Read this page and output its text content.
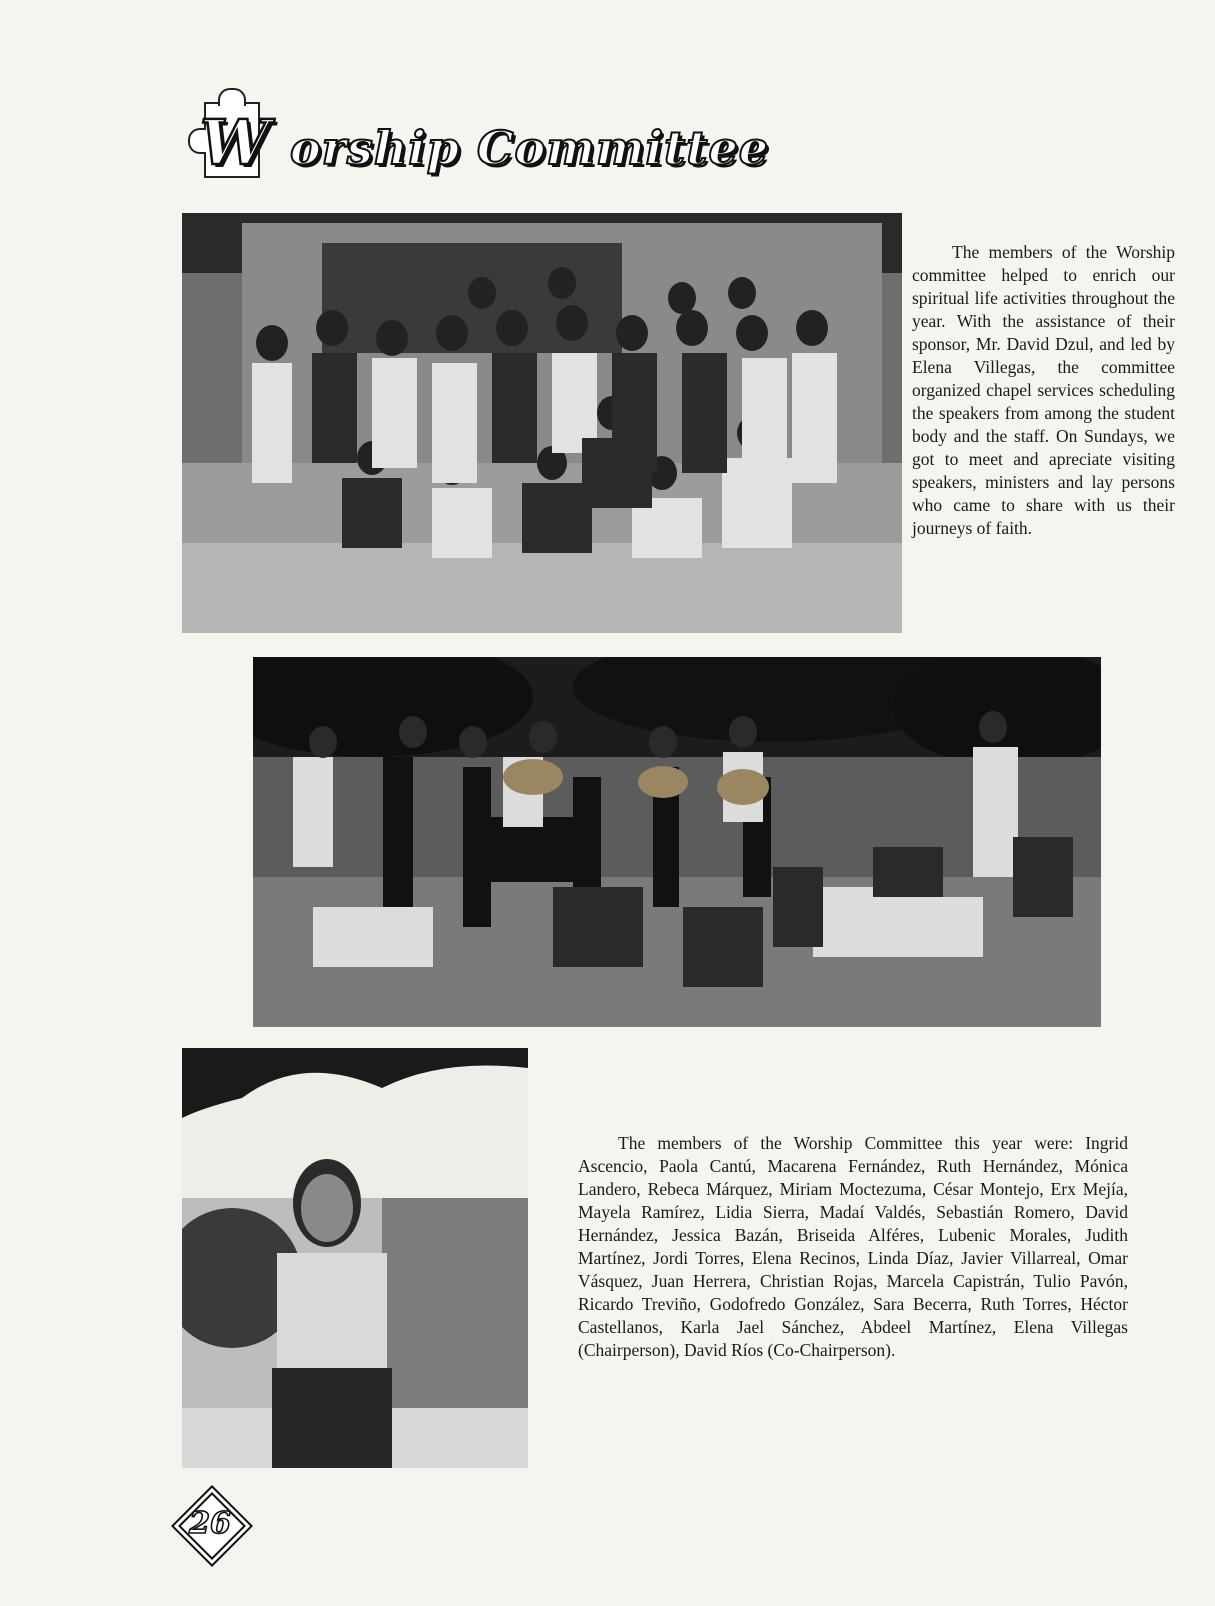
W orship Committee
The members of the Worship committee helped to enrich our spiritual life activities throughout the year. With the assistance of their sponsor, Mr. David Dzul, and led by Elena Villegas, the committee organized chapel services scheduling the speakers from among the student body and the staff. On Sundays, we got to meet and apreciate visiting speakers, ministers and lay persons who came to share with us their journeys of faith.
The members of the Worship Committee this year were: Ingrid Ascencio, Paola Cantú, Macarena Fernández, Ruth Hernández, Mónica Landero, Rebeca Márquez, Miriam Moctezuma, César Montejo, Erx Mejía, Mayela Ramírez, Lidia Sierra, Madaí Valdés, Sebastián Romero, David Hernández, Jessica Bazán, Briseida Alféres, Lubenic Morales, Judith Martínez, Jordi Torres, Elena Recinos, Linda Díaz, Javier Villarreal, Omar Vásquez, Juan Herrera, Christian Rojas, Marcela Capistrán, Tulio Pavón, Ricardo Treviño, Godofredo González, Sara Becerra, Ruth Torres, Héctor Castellanos, Karla Jael Sánchez, Abdeel Martínez, Elena Villegas (Chairperson), David Ríos (Co-Chairperson).
26
